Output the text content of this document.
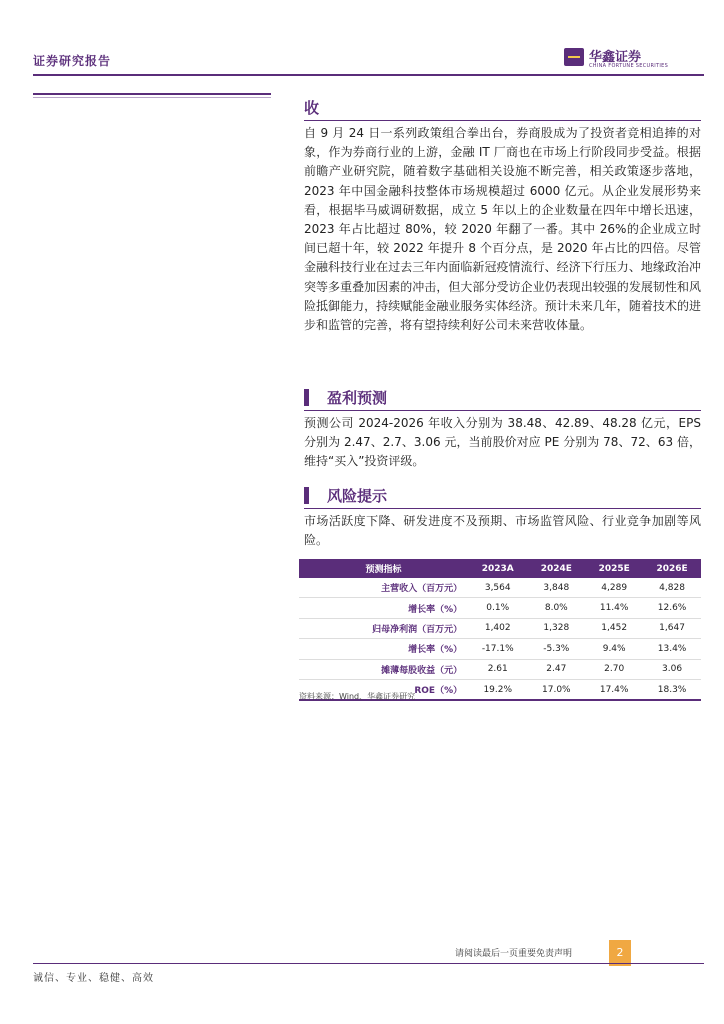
证券研究报告	华鑫证券
CHINA FORTUNE SECURITIES
收

自 9 月 24 日一系列政策组合拳出台，券商股成为了投资者竞相追捧的对象，作为券商行业的上游，金融 IT 厂商也在市场上行阶段同步受益。根据前瞻产业研究院，随着数字基础相关设施不断完善，相关政策逐步落地，2023 年中国金融科技整体市场规模超过 6000 亿元。从企业发展形势来看，根据毕马威调研数据，成立 5 年以上的企业数量在四年中增长迅速，2023 年占比超过 80%，较 2020 年翻了一番。其中 26%的企业成立时间已超十年，较 2022 年提升 8 个百分点，是 2020 年占比的四倍。尽管金融科技行业在过去三年内面临新冠疫情流行、经济下行压力、地缘政治冲突等多重叠加因素的冲击，但大部分受访企业仍表现出较强的发展韧性和风险抵御能力，持续赋能金融业服务实体经济。预计未来几年，随着技术的进步和监管的完善，将有望持续利好公司未来营收体量。

盈利预测

预测公司 2024-2026 年收入分别为 38.48、42.89、48.28 亿元，EPS 分别为 2.47、2.7、3.06 元，当前股价对应 PE 分别为 78、72、63 倍，维持“买入”投资评级。

风险提示

市场活跃度下降、研发进度不及预期、市场监管风险、行业竞争加剧等风险。

预测指标	2023A	2024E	2025E	2026E
主营收入（百万元）	3,564	3,848	4,289	4,828
增长率（%）	0.1%	8.0%	11.4%	12.6%
归母净利润（百万元）	1,402	1,328	1,452	1,647
增长率（%）	-17.1%	-5.3%	9.4%	13.4%
摊薄每股收益（元）	2.61	2.47	2.70	3.06
ROE（%）	19.2%	17.0%	17.4%	18.3%
资料来源：Wind、华鑫证券研究
请阅读最后一页重要免责声明	2
诚信、专业、稳健、高效
